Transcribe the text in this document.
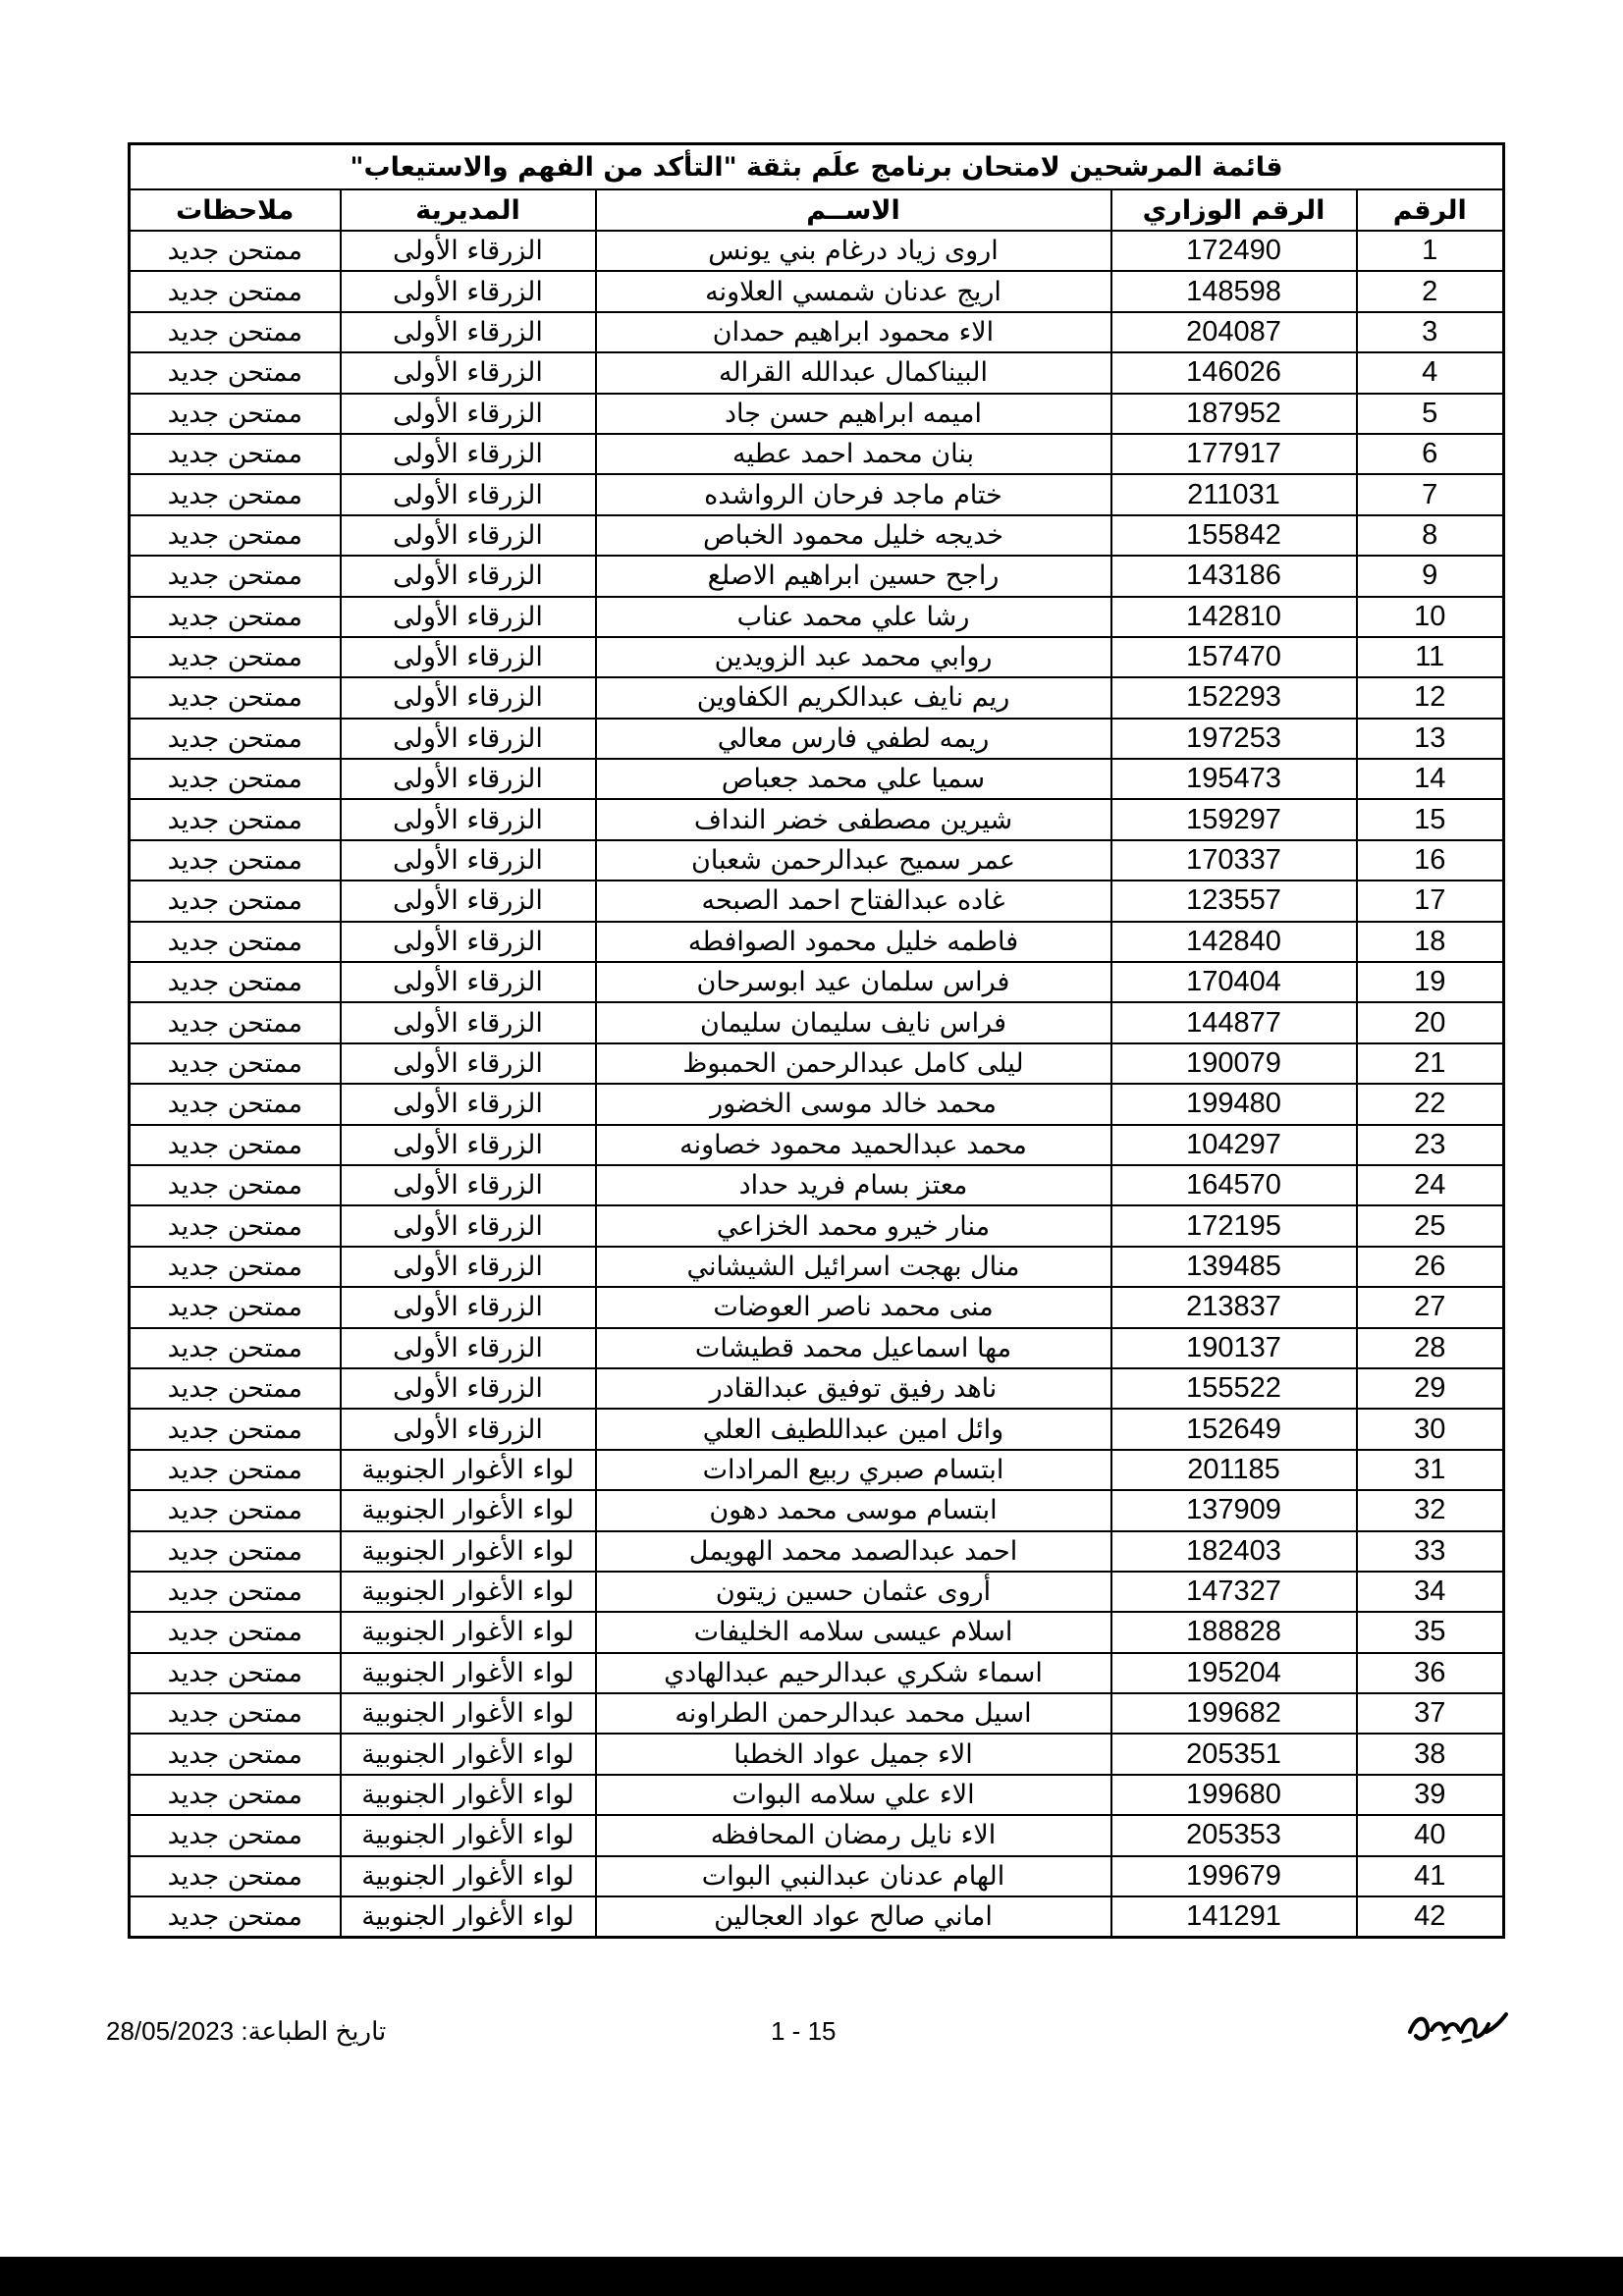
قائمة المرشحين لامتحان برنامج علَم بثقة "التأكد من الفهم والاستيعاب"				
الرقم	الرقم الوزاري	الاســم	المديرية	ملاحظات
1	172490	اروى زياد درغام بني يونس	الزرقاء الأولى	ممتحن جديد
2	148598	اريج عدنان شمسي العلاونه	الزرقاء الأولى	ممتحن جديد
3	204087	الاء محمود ابراهيم حمدان	الزرقاء الأولى	ممتحن جديد
4	146026	البيناكمال عبدالله القراله	الزرقاء الأولى	ممتحن جديد
5	187952	اميمه ابراهيم حسن جاد	الزرقاء الأولى	ممتحن جديد
6	177917	بنان محمد احمد عطيه	الزرقاء الأولى	ممتحن جديد
7	211031	ختام ماجد فرحان الرواشده	الزرقاء الأولى	ممتحن جديد
8	155842	خديجه خليل محمود الخباص	الزرقاء الأولى	ممتحن جديد
9	143186	راجح حسين ابراهيم الاصلع	الزرقاء الأولى	ممتحن جديد
10	142810	رشا علي محمد عناب	الزرقاء الأولى	ممتحن جديد
11	157470	روابي محمد عبد الزويدين	الزرقاء الأولى	ممتحن جديد
12	152293	ريم نايف عبدالكريم الكفاوين	الزرقاء الأولى	ممتحن جديد
13	197253	ريمه لطفي فارس معالي	الزرقاء الأولى	ممتحن جديد
14	195473	سميا علي محمد جعباص	الزرقاء الأولى	ممتحن جديد
15	159297	شيرين مصطفى خضر النداف	الزرقاء الأولى	ممتحن جديد
16	170337	عمر سميح عبدالرحمن شعبان	الزرقاء الأولى	ممتحن جديد
17	123557	غاده عبدالفتاح احمد الصبحه	الزرقاء الأولى	ممتحن جديد
18	142840	فاطمه خليل محمود الصوافطه	الزرقاء الأولى	ممتحن جديد
19	170404	فراس سلمان عيد ابوسرحان	الزرقاء الأولى	ممتحن جديد
20	144877	فراس نايف سليمان سليمان	الزرقاء الأولى	ممتحن جديد
21	190079	ليلى كامل عبدالرحمن الحمبوظ	الزرقاء الأولى	ممتحن جديد
22	199480	محمد خالد موسى الخضور	الزرقاء الأولى	ممتحن جديد
23	104297	محمد عبدالحميد محمود خصاونه	الزرقاء الأولى	ممتحن جديد
24	164570	معتز بسام فريد حداد	الزرقاء الأولى	ممتحن جديد
25	172195	منار خيرو محمد الخزاعي	الزرقاء الأولى	ممتحن جديد
26	139485	منال بهجت اسرائيل الشيشاني	الزرقاء الأولى	ممتحن جديد
27	213837	منى محمد ناصر العوضات	الزرقاء الأولى	ممتحن جديد
28	190137	مها اسماعيل محمد قطيشات	الزرقاء الأولى	ممتحن جديد
29	155522	ناهد رفيق توفيق عبدالقادر	الزرقاء الأولى	ممتحن جديد
30	152649	وائل امين عبداللطيف العلي	الزرقاء الأولى	ممتحن جديد
31	201185	ابتسام صبري ربيع المرادات	لواء الأغوار الجنوبية	ممتحن جديد
32	137909	ابتسام موسى محمد دهون	لواء الأغوار الجنوبية	ممتحن جديد
33	182403	احمد عبدالصمد محمد الهويمل	لواء الأغوار الجنوبية	ممتحن جديد
34	147327	أروى عثمان حسين زيتون	لواء الأغوار الجنوبية	ممتحن جديد
35	188828	اسلام عيسى سلامه الخليفات	لواء الأغوار الجنوبية	ممتحن جديد
36	195204	اسماء شكري عبدالرحيم عبدالهادي	لواء الأغوار الجنوبية	ممتحن جديد
37	199682	اسيل محمد عبدالرحمن الطراونه	لواء الأغوار الجنوبية	ممتحن جديد
38	205351	الاء جميل عواد الخطبا	لواء الأغوار الجنوبية	ممتحن جديد
39	199680	الاء علي سلامه البوات	لواء الأغوار الجنوبية	ممتحن جديد
40	205353	الاء نايل رمضان المحافظه	لواء الأغوار الجنوبية	ممتحن جديد
41	199679	الهام عدنان عبدالنبي البوات	لواء الأغوار الجنوبية	ممتحن جديد
42	141291	اماني صالح عواد العجالين	لواء الأغوار الجنوبية	ممتحن جديد
تاريخ الطباعة: 28/05/2023	1 - 15
